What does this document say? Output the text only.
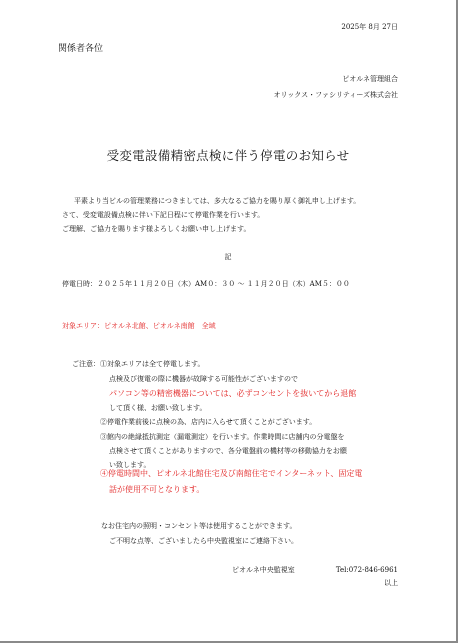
2025年 8月 27日
関係者各位
ピオルネ管理組合
オリックス・ファシリティーズ株式会社
受変電設備精密点検に伴う停電のお知らせ
平素より当ビルの管理業務につきましては、多大なるご協力を賜り厚く御礼申し上げます。
さて、受変電設備点検に伴い下記日程にて停電作業を行います。
ご理解、ご協力を賜ります様よろしくお願い申し上げます。
記
停電日時：２０２５年１１月２０日（木）AM０：３０ ～ １１月２０日（木）AM５：００
対象エリア：ピオルネ北館、ピオルネ南館　全域
ご注意： ①対象エリアは全て停電します。
点検及び復電の際に機器が故障する可能性がございますので
パソコン等の精密機器については、必ずコンセントを抜いてから退館
して頂く様、お願い致します。
②停電作業前後に点検の為、店内に入らせて頂くことがございます。
③館内の絶縁抵抗測定（漏電測定）を行います。作業時間に店舗内の分電盤を
点検させて頂くことがありますので、各分電盤前の機材等の移動協力をお願
い致します。
④停電時間中、ピオルネ北館住宅及び南館住宅でインターネット、固定電
話が使用不可となります。
なお住宅内の照明・コンセント等は使用することができます。
ご不明な点等、ございましたら中央監視室にご連絡下さい。
ピオルネ中央監視室	Tel:072-846-6961
以上
